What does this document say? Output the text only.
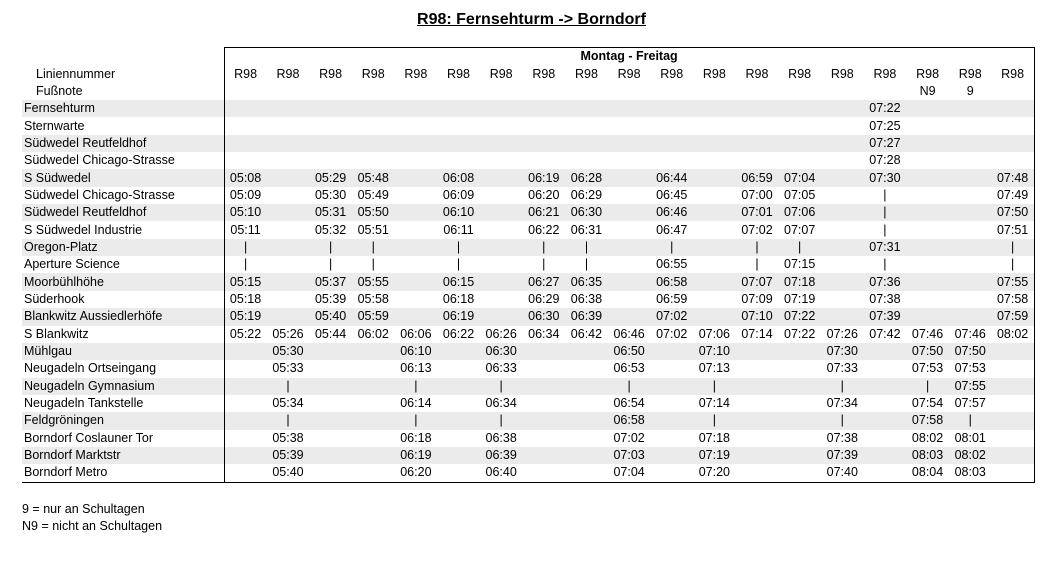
R98: Fernsehturm -> Borndorf
	Montag - Freitag																		
Liniennummer	R98	R98	R98	R98	R98	R98	R98	R98	R98	R98	R98	R98	R98	R98	R98	R98	R98	R98	R98
Fußnote																	N9	9	
Fernsehturm																07:22			
Sternwarte																07:25			
Südwedel Reutfeldhof																07:27			
Südwedel Chicago-Strasse																07:28			
S Südwedel	05:08		05:29	05:48		06:08		06:19	06:28		06:44		06:59	07:04		07:30			07:48
Südwedel Chicago-Strasse	05:09		05:30	05:49		06:09		06:20	06:29		06:45		07:00	07:05		|			07:49
Südwedel Reutfeldhof	05:10		05:31	05:50		06:10		06:21	06:30		06:46		07:01	07:06		|			07:50
S Südwedel Industrie	05:11		05:32	05:51		06:11		06:22	06:31		06:47		07:02	07:07		|			07:51
Oregon-Platz	|		|	|		|		|	|		|		|	|		07:31			|
Aperture Science	|		|	|		|		|	|		06:55		|	07:15		|			|
Moorbühlhöhe	05:15		05:37	05:55		06:15		06:27	06:35		06:58		07:07	07:18		07:36			07:55
Süderhook	05:18		05:39	05:58		06:18		06:29	06:38		06:59		07:09	07:19		07:38			07:58
Blankwitz Aussiedlerhöfe	05:19		05:40	05:59		06:19		06:30	06:39		07:02		07:10	07:22		07:39			07:59
S Blankwitz	05:22	05:26	05:44	06:02	06:06	06:22	06:26	06:34	06:42	06:46	07:02	07:06	07:14	07:22	07:26	07:42	07:46	07:46	08:02
Mühlgau		05:30			06:10		06:30			06:50		07:10			07:30		07:50	07:50	
Neugadeln Ortseingang		05:33			06:13		06:33			06:53		07:13			07:33		07:53	07:53	
Neugadeln Gymnasium		|			|		|			|		|			|		|	07:55	
Neugadeln Tankstelle		05:34			06:14		06:34			06:54		07:14			07:34		07:54	07:57	
Feldgröningen		|			|		|			06:58		|			|		07:58	|	
Borndorf Coslauner Tor		05:38			06:18		06:38			07:02		07:18			07:38		08:02	08:01	
Borndorf Marktstr		05:39			06:19		06:39			07:03		07:19			07:39		08:03	08:02	
Borndorf Metro		05:40			06:20		06:40			07:04		07:20			07:40		08:04	08:03	
9 = nur an Schultagen
N9 = nicht an Schultagen
